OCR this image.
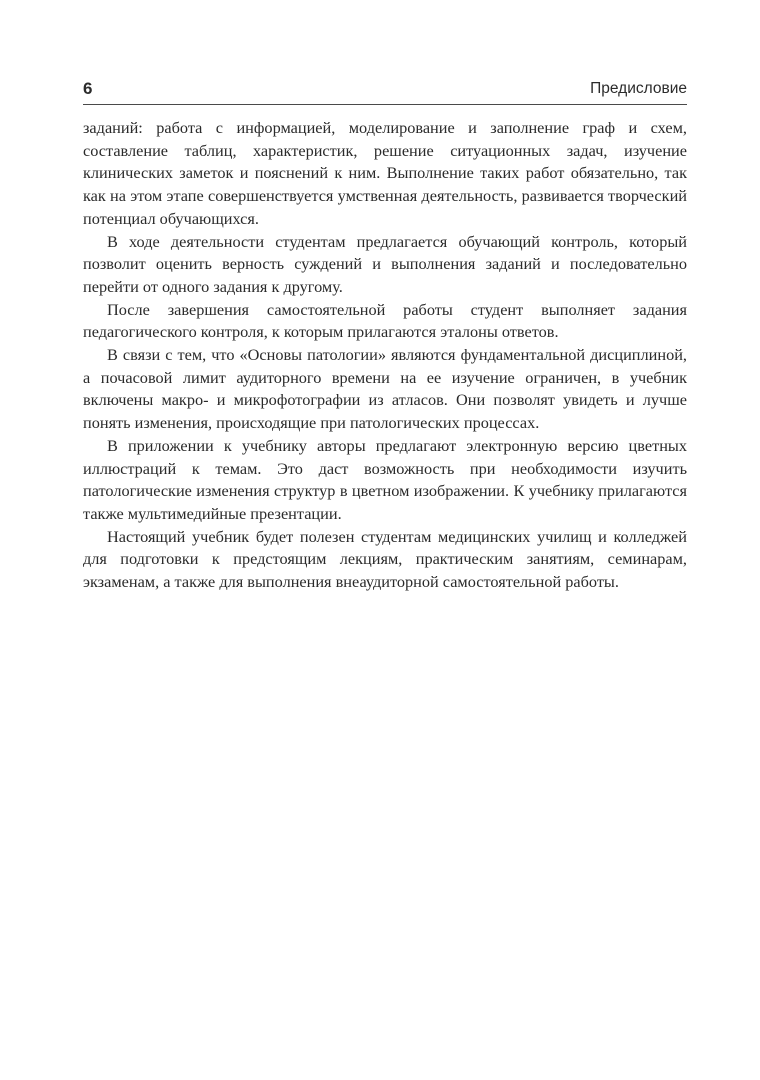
6	Предисловие

заданий: работа с информацией, моделирование и заполнение граф и схем, составление таблиц, характеристик, решение ситуационных задач, изучение клинических заметок и пояснений к ним. Выполнение таких работ обязательно, так как на этом этапе совершенствуется умственная деятельность, развивается творческий потенциал обучающихся.

В ходе деятельности студентам предлагается обучающий контроль, который позволит оценить верность суждений и выполнения заданий и последовательно перейти от одного задания к другому.

После завершения самостоятельной работы студент выполняет задания педагогического контроля, к которым прилагаются эталоны ответов.

В связи с тем, что «Основы патологии» являются фундаментальной дисциплиной, а почасовой лимит аудиторного времени на ее изучение ограничен, в учебник включены макро- и микрофотографии из атласов. Они позволят увидеть и лучше понять изменения, происходящие при патологических процессах.

В приложении к учебнику авторы предлагают электронную версию цветных иллюстраций к темам. Это даст возможность при необходимости изучить патологические изменения структур в цветном изображении. К учебнику прилагаются также мультимедийные презентации.

Настоящий учебник будет полезен студентам медицинских училищ и колледжей для подготовки к предстоящим лекциям, практическим занятиям, семинарам, экзаменам, а также для выполнения внеаудиторной самостоятельной работы.
